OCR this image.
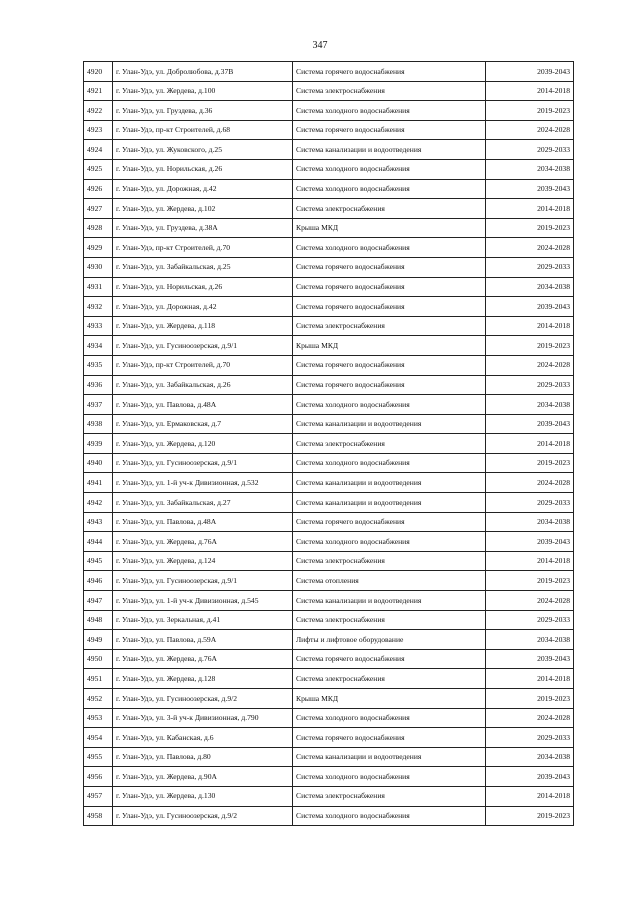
347
4920	г. Улан-Удэ, ул. Добролюбова, д.37В	Система горячего водоснабжения	2039-2043
4921	г. Улан-Удэ, ул. Жердева, д.100	Система электроснабжения	2014-2018
4922	г. Улан-Удэ, ул. Груздева, д.36	Система холодного водоснабжения	2019-2023
4923	г. Улан-Удэ, пр-кт Строителей, д.68	Система горячего водоснабжения	2024-2028
4924	г. Улан-Удэ, ул. Жуковского, д.25	Система канализации и водоотведения	2029-2033
4925	г. Улан-Удэ, ул. Норильская, д.26	Система холодного водоснабжения	2034-2038
4926	г. Улан-Удэ, ул. Дорожная, д.42	Система холодного водоснабжения	2039-2043
4927	г. Улан-Удэ, ул. Жердева, д.102	Система электроснабжения	2014-2018
4928	г. Улан-Удэ, ул. Груздева, д.38А	Крыша МКД	2019-2023
4929	г. Улан-Удэ, пр-кт Строителей, д.70	Система холодного водоснабжения	2024-2028
4930	г. Улан-Удэ, ул. Забайкальская, д.25	Система горячего водоснабжения	2029-2033
4931	г. Улан-Удэ, ул. Норильская, д.26	Система горячего водоснабжения	2034-2038
4932	г. Улан-Удэ, ул. Дорожная, д.42	Система горячего водоснабжения	2039-2043
4933	г. Улан-Удэ, ул. Жердева, д.118	Система электроснабжения	2014-2018
4934	г. Улан-Удэ, ул. Гусиноозерская, д.9/1	Крыша МКД	2019-2023
4935	г. Улан-Удэ, пр-кт Строителей, д.70	Система горячего водоснабжения	2024-2028
4936	г. Улан-Удэ, ул. Забайкальская, д.26	Система горячего водоснабжения	2029-2033
4937	г. Улан-Удэ, ул. Павлова, д.48А	Система холодного водоснабжения	2034-2038
4938	г. Улан-Удэ, ул. Ермаковская, д.7	Система канализации и водоотведения	2039-2043
4939	г. Улан-Удэ, ул. Жердева, д.120	Система электроснабжения	2014-2018
4940	г. Улан-Удэ, ул. Гусиноозерская, д.9/1	Система холодного водоснабжения	2019-2023
4941	г. Улан-Удэ, ул. 1-й уч-к Дивизионная, д.532	Система канализации и водоотведения	2024-2028
4942	г. Улан-Удэ, ул. Забайкальская, д.27	Система канализации и водоотведения	2029-2033
4943	г. Улан-Удэ, ул. Павлова, д.48А	Система горячего водоснабжения	2034-2038
4944	г. Улан-Удэ, ул. Жердева, д.76А	Система холодного водоснабжения	2039-2043
4945	г. Улан-Удэ, ул. Жердева, д.124	Система электроснабжения	2014-2018
4946	г. Улан-Удэ, ул. Гусиноозерская, д.9/1	Система отопления	2019-2023
4947	г. Улан-Удэ, ул. 1-й уч-к Дивизионная, д.545	Система канализации и водоотведения	2024-2028
4948	г. Улан-Удэ, ул. Зеркальная, д.41	Система электроснабжения	2029-2033
4949	г. Улан-Удэ, ул. Павлова, д.59А	Лифты и лифтовое оборудование	2034-2038
4950	г. Улан-Удэ, ул. Жердева, д.76А	Система горячего водоснабжения	2039-2043
4951	г. Улан-Удэ, ул. Жердева, д.128	Система электроснабжения	2014-2018
4952	г. Улан-Удэ, ул. Гусиноозерская, д.9/2	Крыша МКД	2019-2023
4953	г. Улан-Удэ, ул. 3-й уч-к Дивизионная, д.790	Система холодного водоснабжения	2024-2028
4954	г. Улан-Удэ, ул. Кабанская, д.6	Система горячего водоснабжения	2029-2033
4955	г. Улан-Удэ, ул. Павлова, д.80	Система канализации и водоотведения	2034-2038
4956	г. Улан-Удэ, ул. Жердева, д.90А	Система холодного водоснабжения	2039-2043
4957	г. Улан-Удэ, ул. Жердева, д.130	Система электроснабжения	2014-2018
4958	г. Улан-Удэ, ул. Гусиноозерская, д.9/2	Система холодного водоснабжения	2019-2023
